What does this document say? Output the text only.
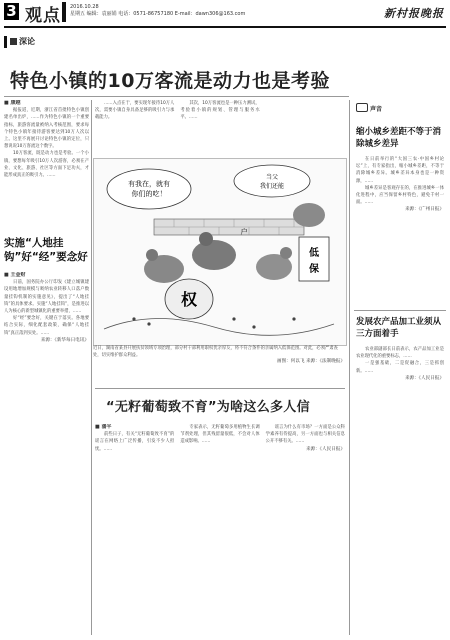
3 观点 2016.10.28
星期五 编辑：袁丽娟 电话：0571-86757180 E-mail：dawn306@163.com	新村报晚报
深论
特色小镇的10万客流是动力也是考验
■ 康越

据报道，近期，浙江省首批特色小镇创建名单出炉，……作为特色小镇的一个重要指标，旅游客流量被纳入考核范围，要求每个特色小镇年接待游客要达到10万人次以上。这里不再展开讨论特色小镇的定位，只想说说10万客流这个数字。

10万客流，既是动力也是考验。一个小镇，要想每年吸引10万人次游客，必须在产业、文化、旅游、社区等方面下足功夫，才能形成真正的吸引力。……

实施“人地挂钩”好“经”要念好
■ 王金财

日前，国务院办公厅印发《建立城镇建设用地增加规模与吸纳农业转移人口落户数量挂钩机制的实施意见》，提出了“人地挂钩”的具体要求。实施“人地挂钩”，是推进以人为核心的新型城镇化的重要举措，……

好“经”要念好，关键在于落实。各地要结合实际，细化配套政策，确保“人地挂钩”真正落到实处。……

来源：《新华每日电讯》

……入点在于，要实现年接待10万人次，需要小镇自身具备足够的吸引力与承载能力。

其次，10万客流也是一种压力测试，考验着小镇的规划、管理与服务水平。……

有我在，就有
你们的吃！
当父
我们还能
权
低
保
户
近日，湖南省某县开展扶贫领域专项治理，部分村干部利用职权优亲厚友，将不符合条件的亲属纳入低保范围。对此，必须严肃查处，切实维护群众利益。
画图：何以飞 来源：《法制晚报》
声音
缩小城乡差距不等于消除城乡差异

在日前举行的“大国三农·中国乡村论坛”上，有专家指出，缩小城乡差距，不等于消除城乡差异。城乡差异本身也是一种资源，……

城乡差异是客观存在的，在推进城乡一体化进程中，应当保留乡村特色，避免千村一面。……

来源：《广州日报》
发展农产品加工业须从三方面着手

农业部副部长日前表示，农产品加工业是农业现代化的重要标志，……

一是强基础，二是促融合，三是抓创新。……

来源：《人民日报》
“无籽葡萄致不育”为啥这么多人信
■ 潘平

前些日子，有关“无籽葡萄致不育”的谣言在网络上广泛传播，引发不少人担忧。……

专家表示，无籽葡萄多用植物生长调节剂处理，但其残留量很低，不会对人体造成影响。……

谣言为什么有市场？一方面是公众科学素养有待提高，另一方面也与相关信息公开不够有关。……

来源：《人民日报》
